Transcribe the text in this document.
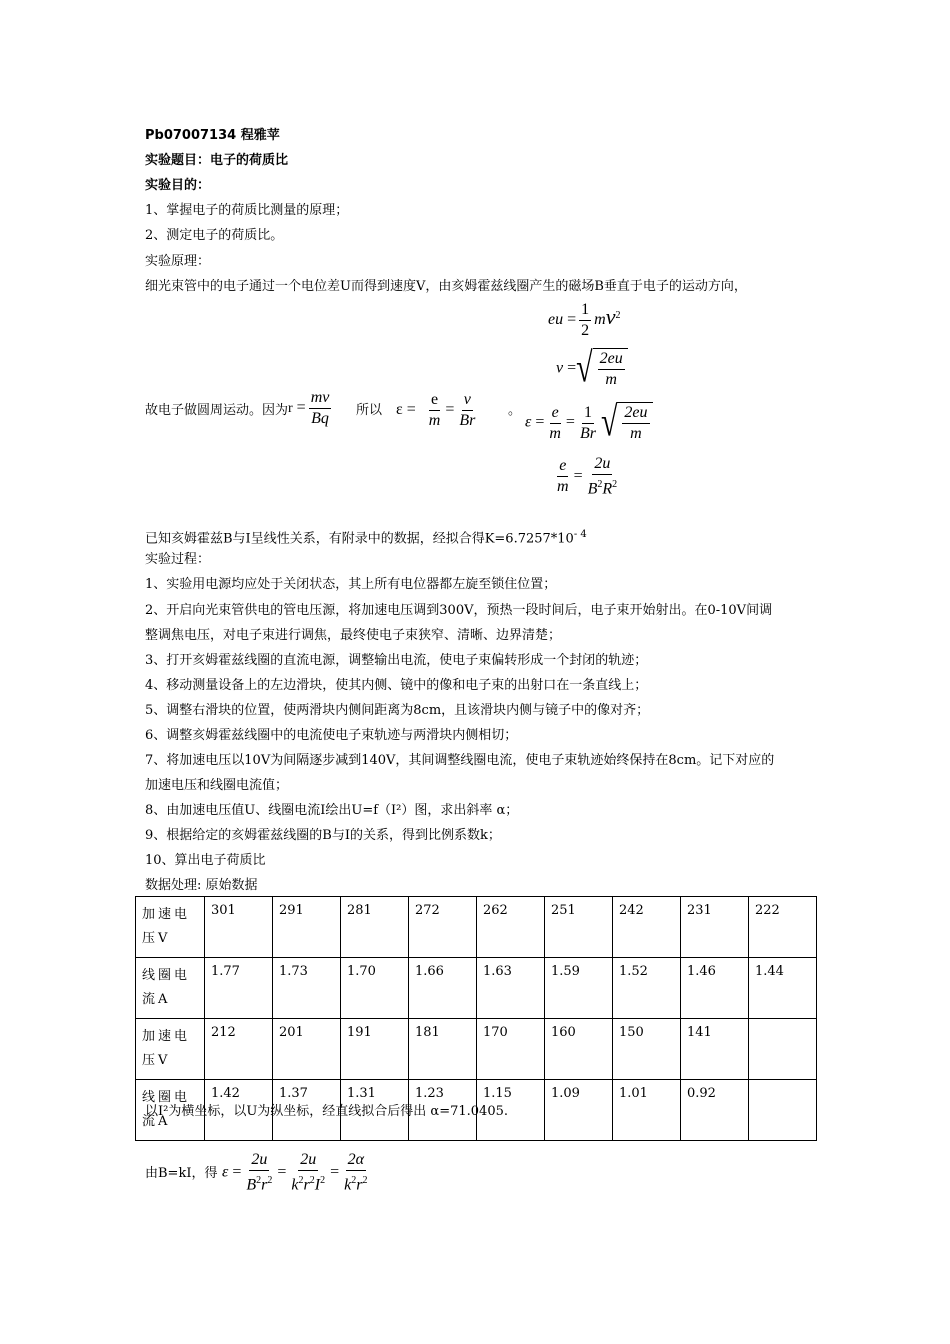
Pb07007134 程雅苹
实验题目：电子的荷质比
实验目的：
1、掌握电子的荷质比测量的原理；
2、测定电子的荷质比。
实验原理：
细光束管中的电子通过一个电位差U而得到速度V，由亥姆霍兹线圈产生的磁场B垂直于电子的运动方向，
eu = $\frac{1}{2} mv^2$
v = √ $\frac{2eu}{m}$
$\varepsilon = \frac{e}{m} = \frac{1}{Br}$ √ $\frac{2eu}{m}$
$\frac{e}{m} = \frac{2u}{B^2R^2}$
故电子做圆周运动。因为 $r = \frac{mv}{Bq}$ 所以 $\varepsilon = \frac{e}{m} = \frac{v}{Br}$ 。
已知亥姆霍兹B与I呈线性关系，有附录中的数据，经拟合得$K=6.7257*10^{- 4}$
实验过程：
1、实验用电源均应处于关闭状态，其上所有电位器都左旋至锁住位置；
2、开启向光束管供电的管电压源，将加速电压调到300V，预热一段时间后，电子束开始射出。在0-10V间调
整调焦电压，对电子束进行调焦，最终使电子束狭窄、清晰、边界清楚；
3、打开亥姆霍兹线圈的直流电源，调整输出电流，使电子束偏转形成一个封闭的轨迹；
4、移动测量设备上的左边滑块，使其内侧、镜中的像和电子束的出射口在一条直线上；
5、调整右滑块的位置，使两滑块内侧间距离为8cm，且该滑块内侧与镜子中的像对齐；
6、调整亥姆霍兹线圈中的电流使电子束轨迹与两滑块内侧相切；
7、将加速电压以10V为间隔逐步减到140V，其间调整线圈电流，使电子束轨迹始终保持在8cm。记下对应的
加速电压和线圈电流值；
8、由加速电压值U、线圈电流I绘出U=f（I²）图，求出斜率 α；
9、根据给定的亥姆霍兹线圈的B与I的关系，得到比例系数k；
10、算出电子荷质比
数据处理: 原始数据
加速电压V	301	291	281	272	262	251	242	231	222
线圈电流A	1.77	1.73	1.70	1.66	1.63	1.59	1.52	1.46	1.44
加速电压V	212	201	191	181	170	160	150	141	
线圈电流A	1.42	1.37	1.31	1.23	1.15	1.09	1.01	0.92	
以I²为横坐标，以U为纵坐标，经直线拟合后得出 α=71.0405.
由B=kI，得 $\varepsilon = \frac{2u}{B^2r^2} = \frac{2u}{k^2r^2I^2} = \frac{2\alpha}{k^2r^2}$
